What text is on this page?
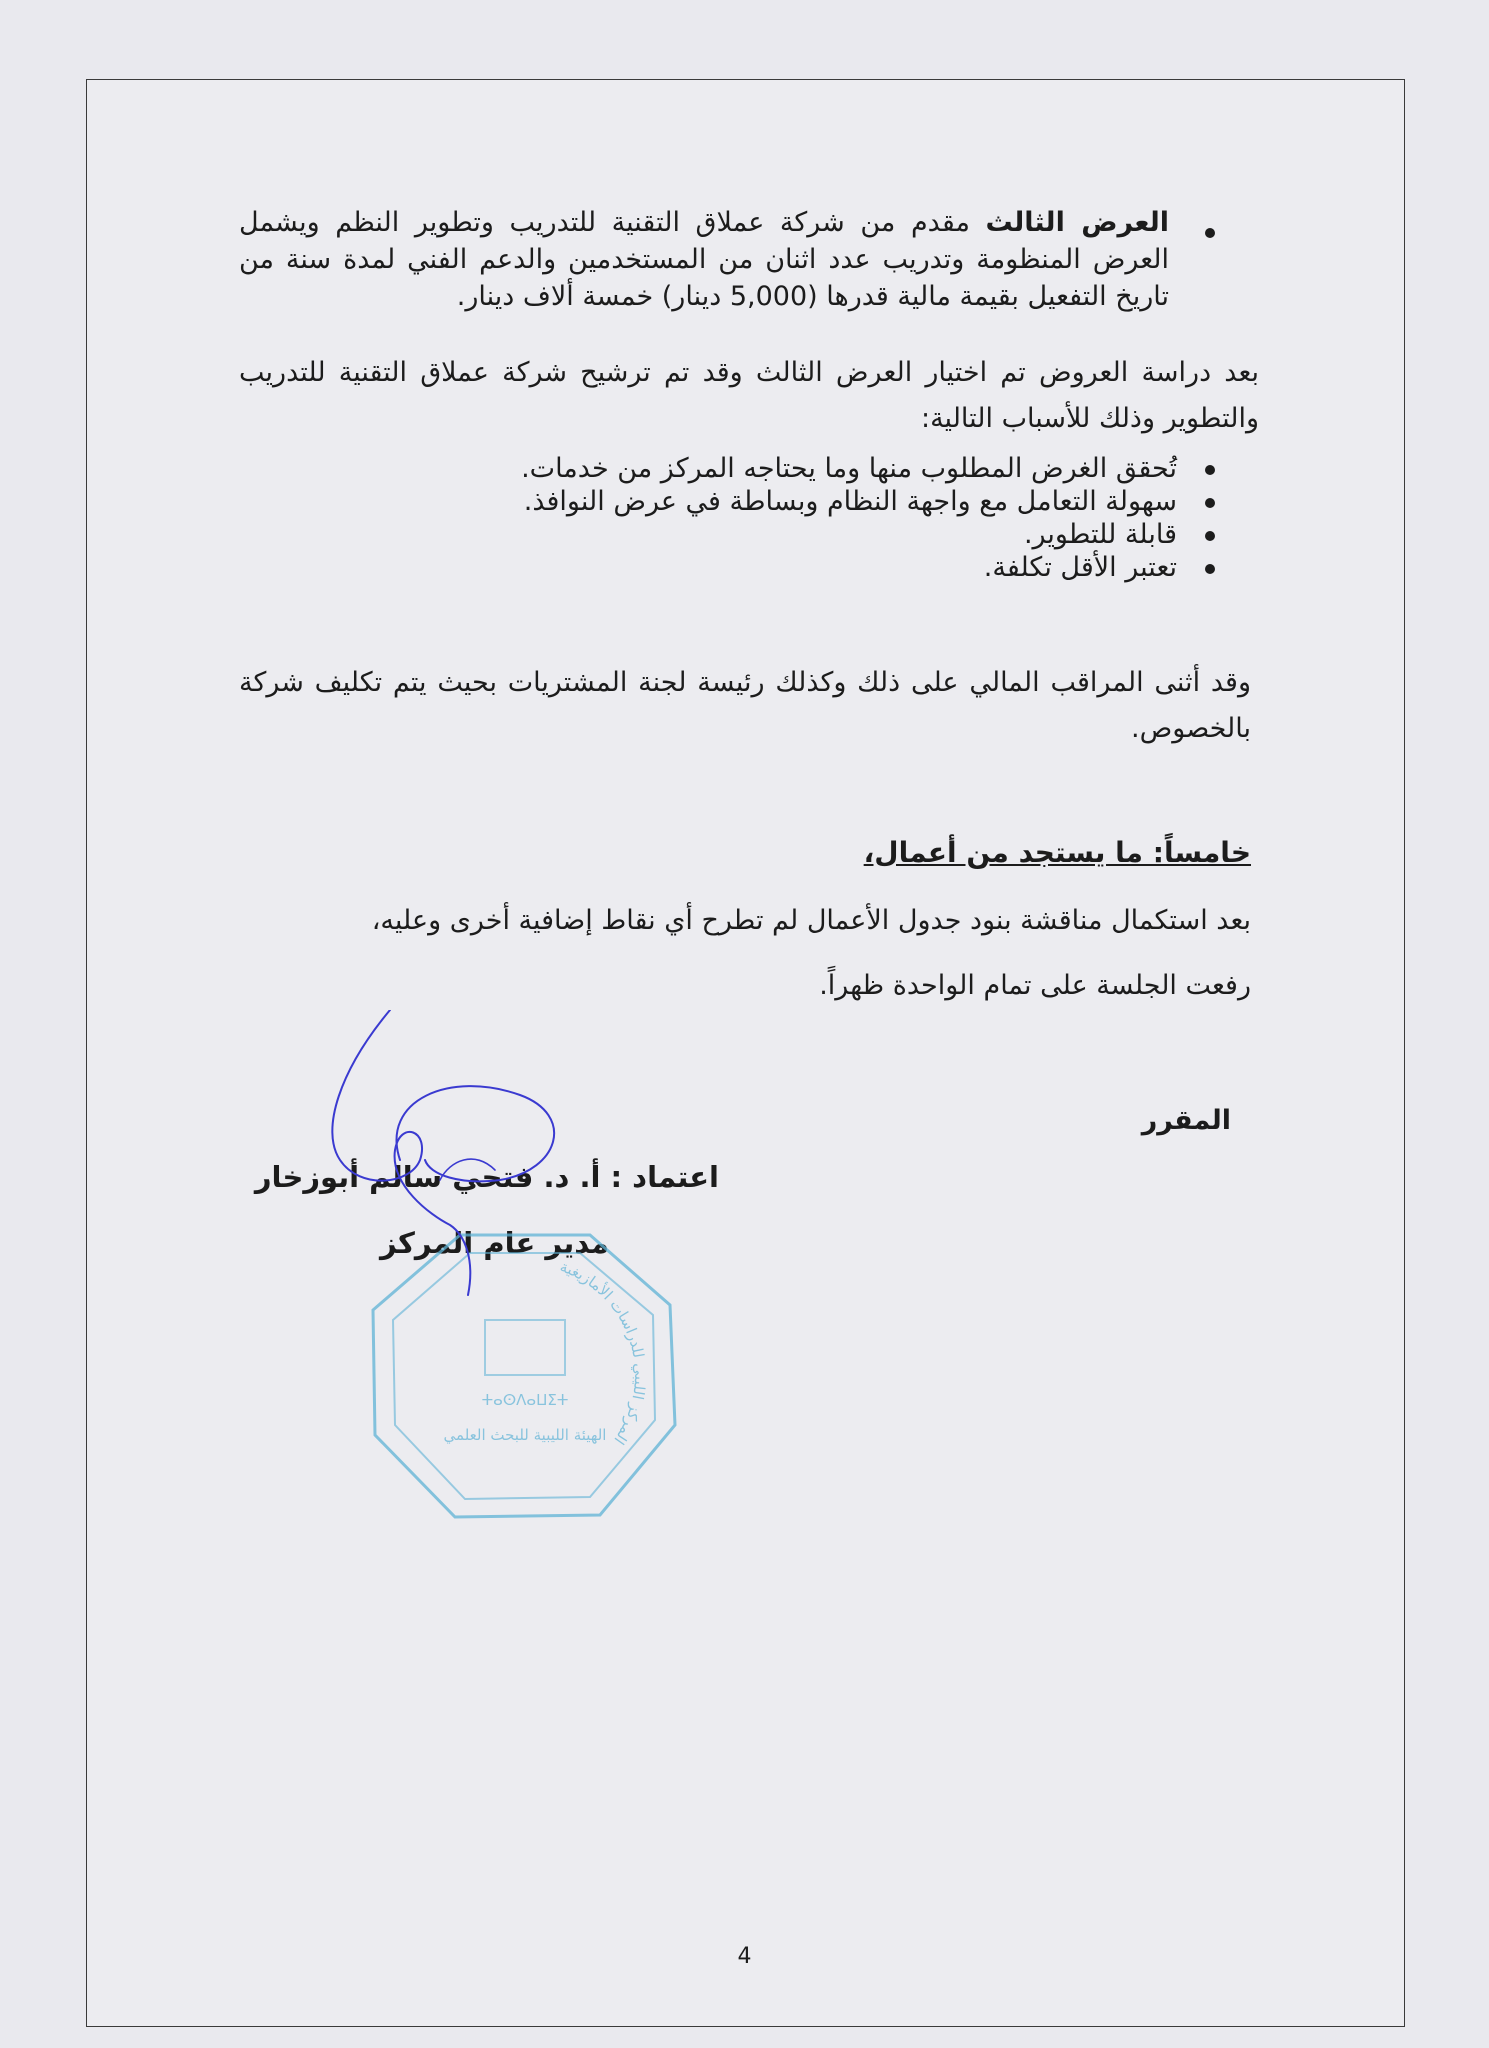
العرض الثالث مقدم من شركة عملاق التقنية للتدريب وتطوير النظم ويشمل العرض المنظومة وتدريب عدد اثنان من المستخدمين والدعم الفني لمدة سنة من تاريخ التفعيل بقيمة مالية قدرها (5,000 دينار) خمسة ألاف دينار.
بعد دراسة العروض تم اختيار العرض الثالث وقد تم ترشيح شركة عملاق التقنية للتدريب والتطوير وذلك للأسباب التالية:
تُحقق الغرض المطلوب منها وما يحتاجه المركز من خدمات.
سهولة التعامل مع واجهة النظام وبساطة في عرض النوافذ.
قابلة للتطوير.
تعتبر الأقل تكلفة.
وقد أثنى المراقب المالي على ذلك وكذلك رئيسة لجنة المشتريات بحيث يتم تكليف شركة بالخصوص.
خامساً: ما يستجد من أعمال،
بعد استكمال مناقشة بنود جدول الأعمال لم تطرح أي نقاط إضافية أخرى وعليه،
رفعت الجلسة على تمام الواحدة ظهراً.
المقرر
اعتماد : أ. د. فتحي سالم أبوزخار
مدير عام المركز
المركز الليبي للدراسات الأمازيغية
ⵜⴰⵙⴷⴰⵡⵉⵜ
الهيئة الليبية للبحث العلمي
4
